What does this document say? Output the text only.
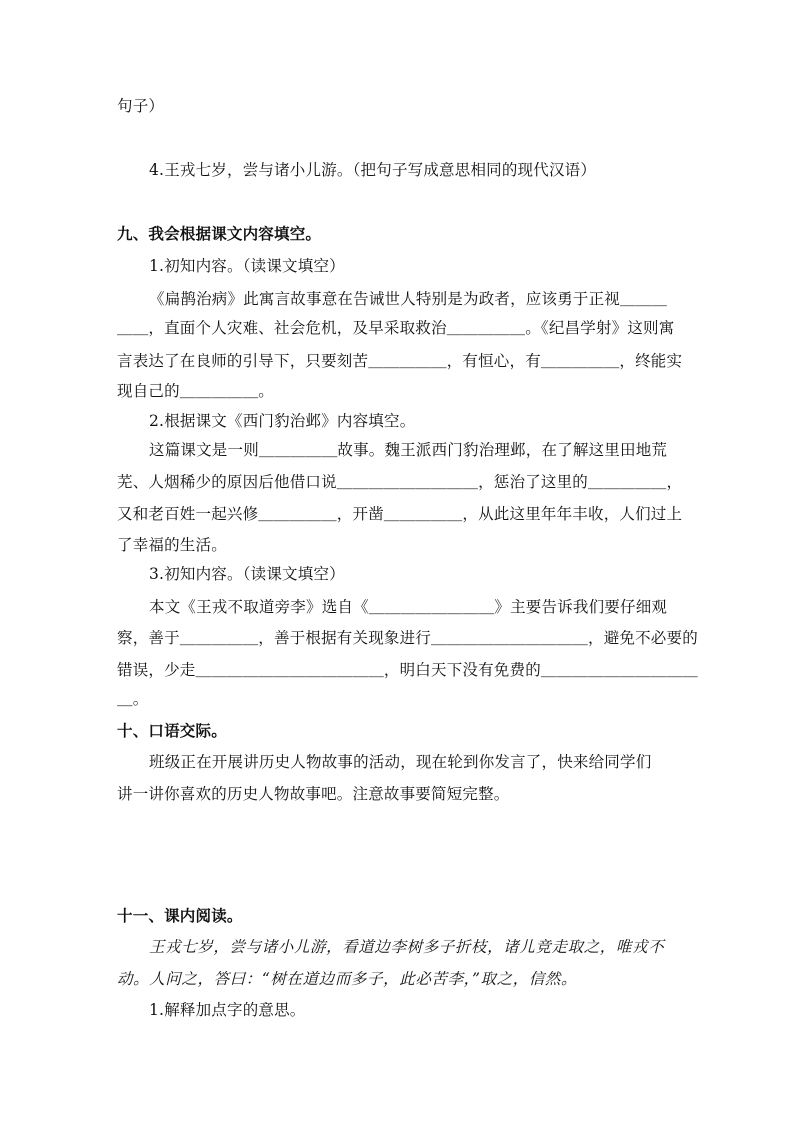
句子）
4.王戎七岁，尝与诸小儿游。（把句子写成意思相同的现代汉语）
九、我会根据课文内容填空。
1.初知内容。（读课文填空）
《扁鹊治病》此寓言故事意在告诫世人特别是为政者，应该勇于正视＿＿＿
＿＿，直面个人灾难、社会危机，及早采取救治＿＿＿＿＿。《纪昌学射》这则寓
言表达了在良师的引导下，只要刻苦＿＿＿＿＿，有恒心，有＿＿＿＿＿，终能实
现自己的＿＿＿＿＿。
2.根据课文《西门豹治邺》内容填空。
这篇课文是一则＿＿＿＿＿故事。魏王派西门豹治理邺，在了解这里田地荒
芜、人烟稀少的原因后他借口说＿＿＿＿＿＿＿＿＿，惩治了这里的＿＿＿＿＿，
又和老百姓一起兴修＿＿＿＿＿，开凿＿＿＿＿＿，从此这里年年丰收，人们过上
了幸福的生活。
3.初知内容。（读课文填空）
本文《王戎不取道旁李》选自《＿＿＿＿＿＿＿＿》主要告诉我们要仔细观
察，善于＿＿＿＿＿，善于根据有关现象进行＿＿＿＿＿＿＿＿＿＿，避免不必要的
错误，少走＿＿＿＿＿＿＿＿＿＿＿＿，明白天下没有免费的＿＿＿＿＿＿＿＿＿＿
＿。
十、口语交际。
班级正在开展讲历史人物故事的活动，现在轮到你发言了，快来给同学们
讲一讲你喜欢的历史人物故事吧。注意故事要简短完整。
十一、课内阅读。
王戎七岁，尝与诸小儿游，看道边李树多子折枝，诸儿竞走取之，唯戎不
动。人问之，答曰：“树在道边而多子，此必苦李，”取之，信然。
1.解释加点字的意思。
